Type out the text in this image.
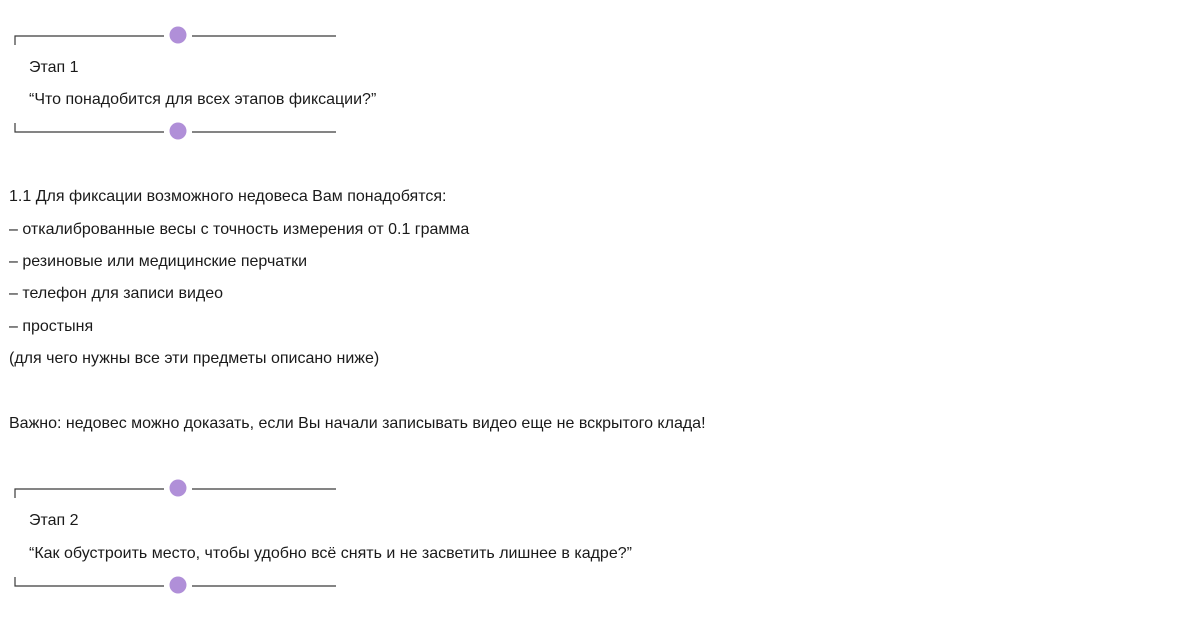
Этап 1
“Что понадобится для всех этапов фиксации?”
1.1 Для фиксации возможного недовеса Вам понадобятся:
– откалиброванные весы с точность измерения от 0.1 грамма
– резиновые или медицинские перчатки
– телефон для записи видео
– простыня
(для чего нужны все эти предметы описано ниже)
Важно: недовес можно доказать, если Вы начали записывать видео еще не вскрытого клада!
Этап 2
“Как обустроить место, чтобы удобно всё снять и не засветить лишнее в кадре?”
